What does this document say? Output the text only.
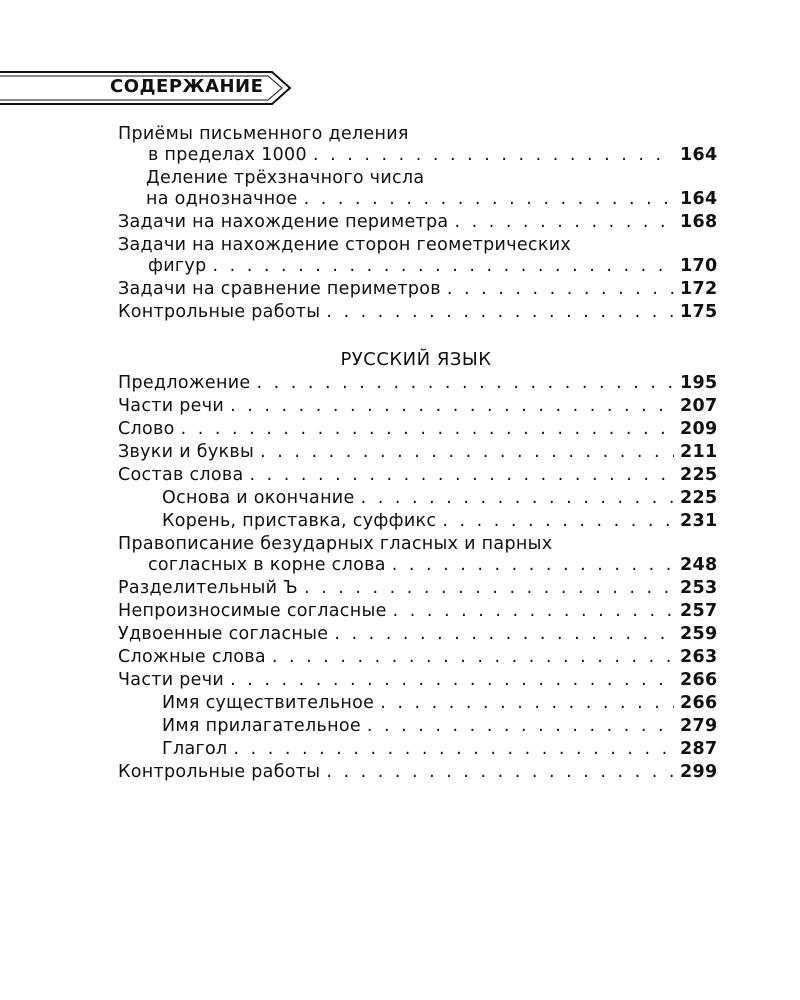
СОДЕРЖАНИЕ
Приёмы письменного деления
в пределах 1000 . . .	164
Деление трёхзначного числа
на однозначное . . .	164
Задачи на нахождение периметра . . .	168
Задачи на нахождение сторон геометрических
фигур . . .	170
Задачи на сравнение периметров . . .	172
Контрольные работы . . .	175
РУССКИЙ ЯЗЫК
Предложение . . .	195
Части речи . . .	207
Слово . . .	209
Звуки и буквы . . .	211
Состав слова . . .	225
Основа и окончание . . .	225
Корень, приставка, суффикс . . .	231
Правописание безударных гласных и парных
согласных в корне слова . . .	248
Разделительный Ъ . . .	253
Непроизносимые согласные . . .	257
Удвоенные согласные . . .	259
Сложные слова . . .	263
Части речи . . .	266
Имя существительное . . .	266
Имя прилагательное . . .	279
Глагол . . .	287
Контрольные работы . . .	299
